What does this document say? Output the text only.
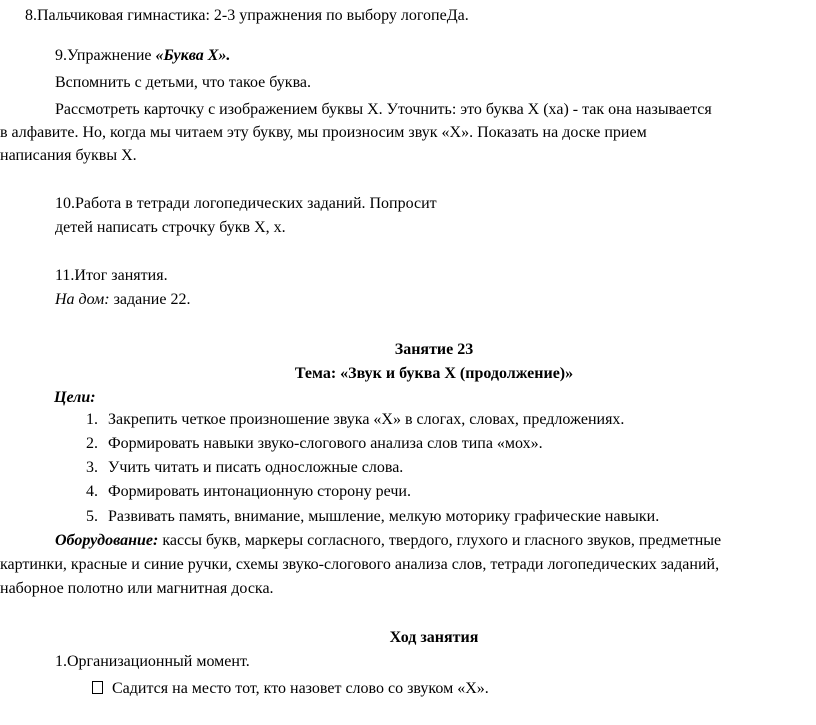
8.Пальчиковая гимнастика: 2-3 упражнения по выбору логопеДа.
9.Упражнение «Буква Х».
Вспомнить с детьми, что такое буква.
Рассмотреть карточку с изображением буквы Х. Уточнить: это буква Х (ха) - так она называется
в алфавите. Но, когда мы читаем эту букву, мы произносим звук «Х». Показать на доске прием
написания буквы Х.
10.Работа в тетради логопедических заданий. Попросит
детей написать строчку букв Х, х.
11.Итог занятия.
На дом: задание 22.
Занятие 23
Тема: «Звук и буква Х (продолжение)»
Цели:
1. Закрепить четкое произношение звука «Х» в слогах, словах, предложениях.
2. Формировать навыки звуко-слогового анализа слов типа «мох».
3. Учить читать и писать односложные слова.
4. Формировать интонационную сторону речи.
5. Развивать память, внимание, мышление, мелкую моторику графические навыки.
Оборудование: кассы букв, маркеры согласного, твердого, глухого и гласного звуков, предметные
картинки, красные и синие ручки, схемы звуко-слогового анализа слов, тетради логопедических заданий,
наборное полотно или магнитная доска.
Ход занятия
1.Организационный момент.
Садится на место тот, кто назовет слово со звуком «Х».
